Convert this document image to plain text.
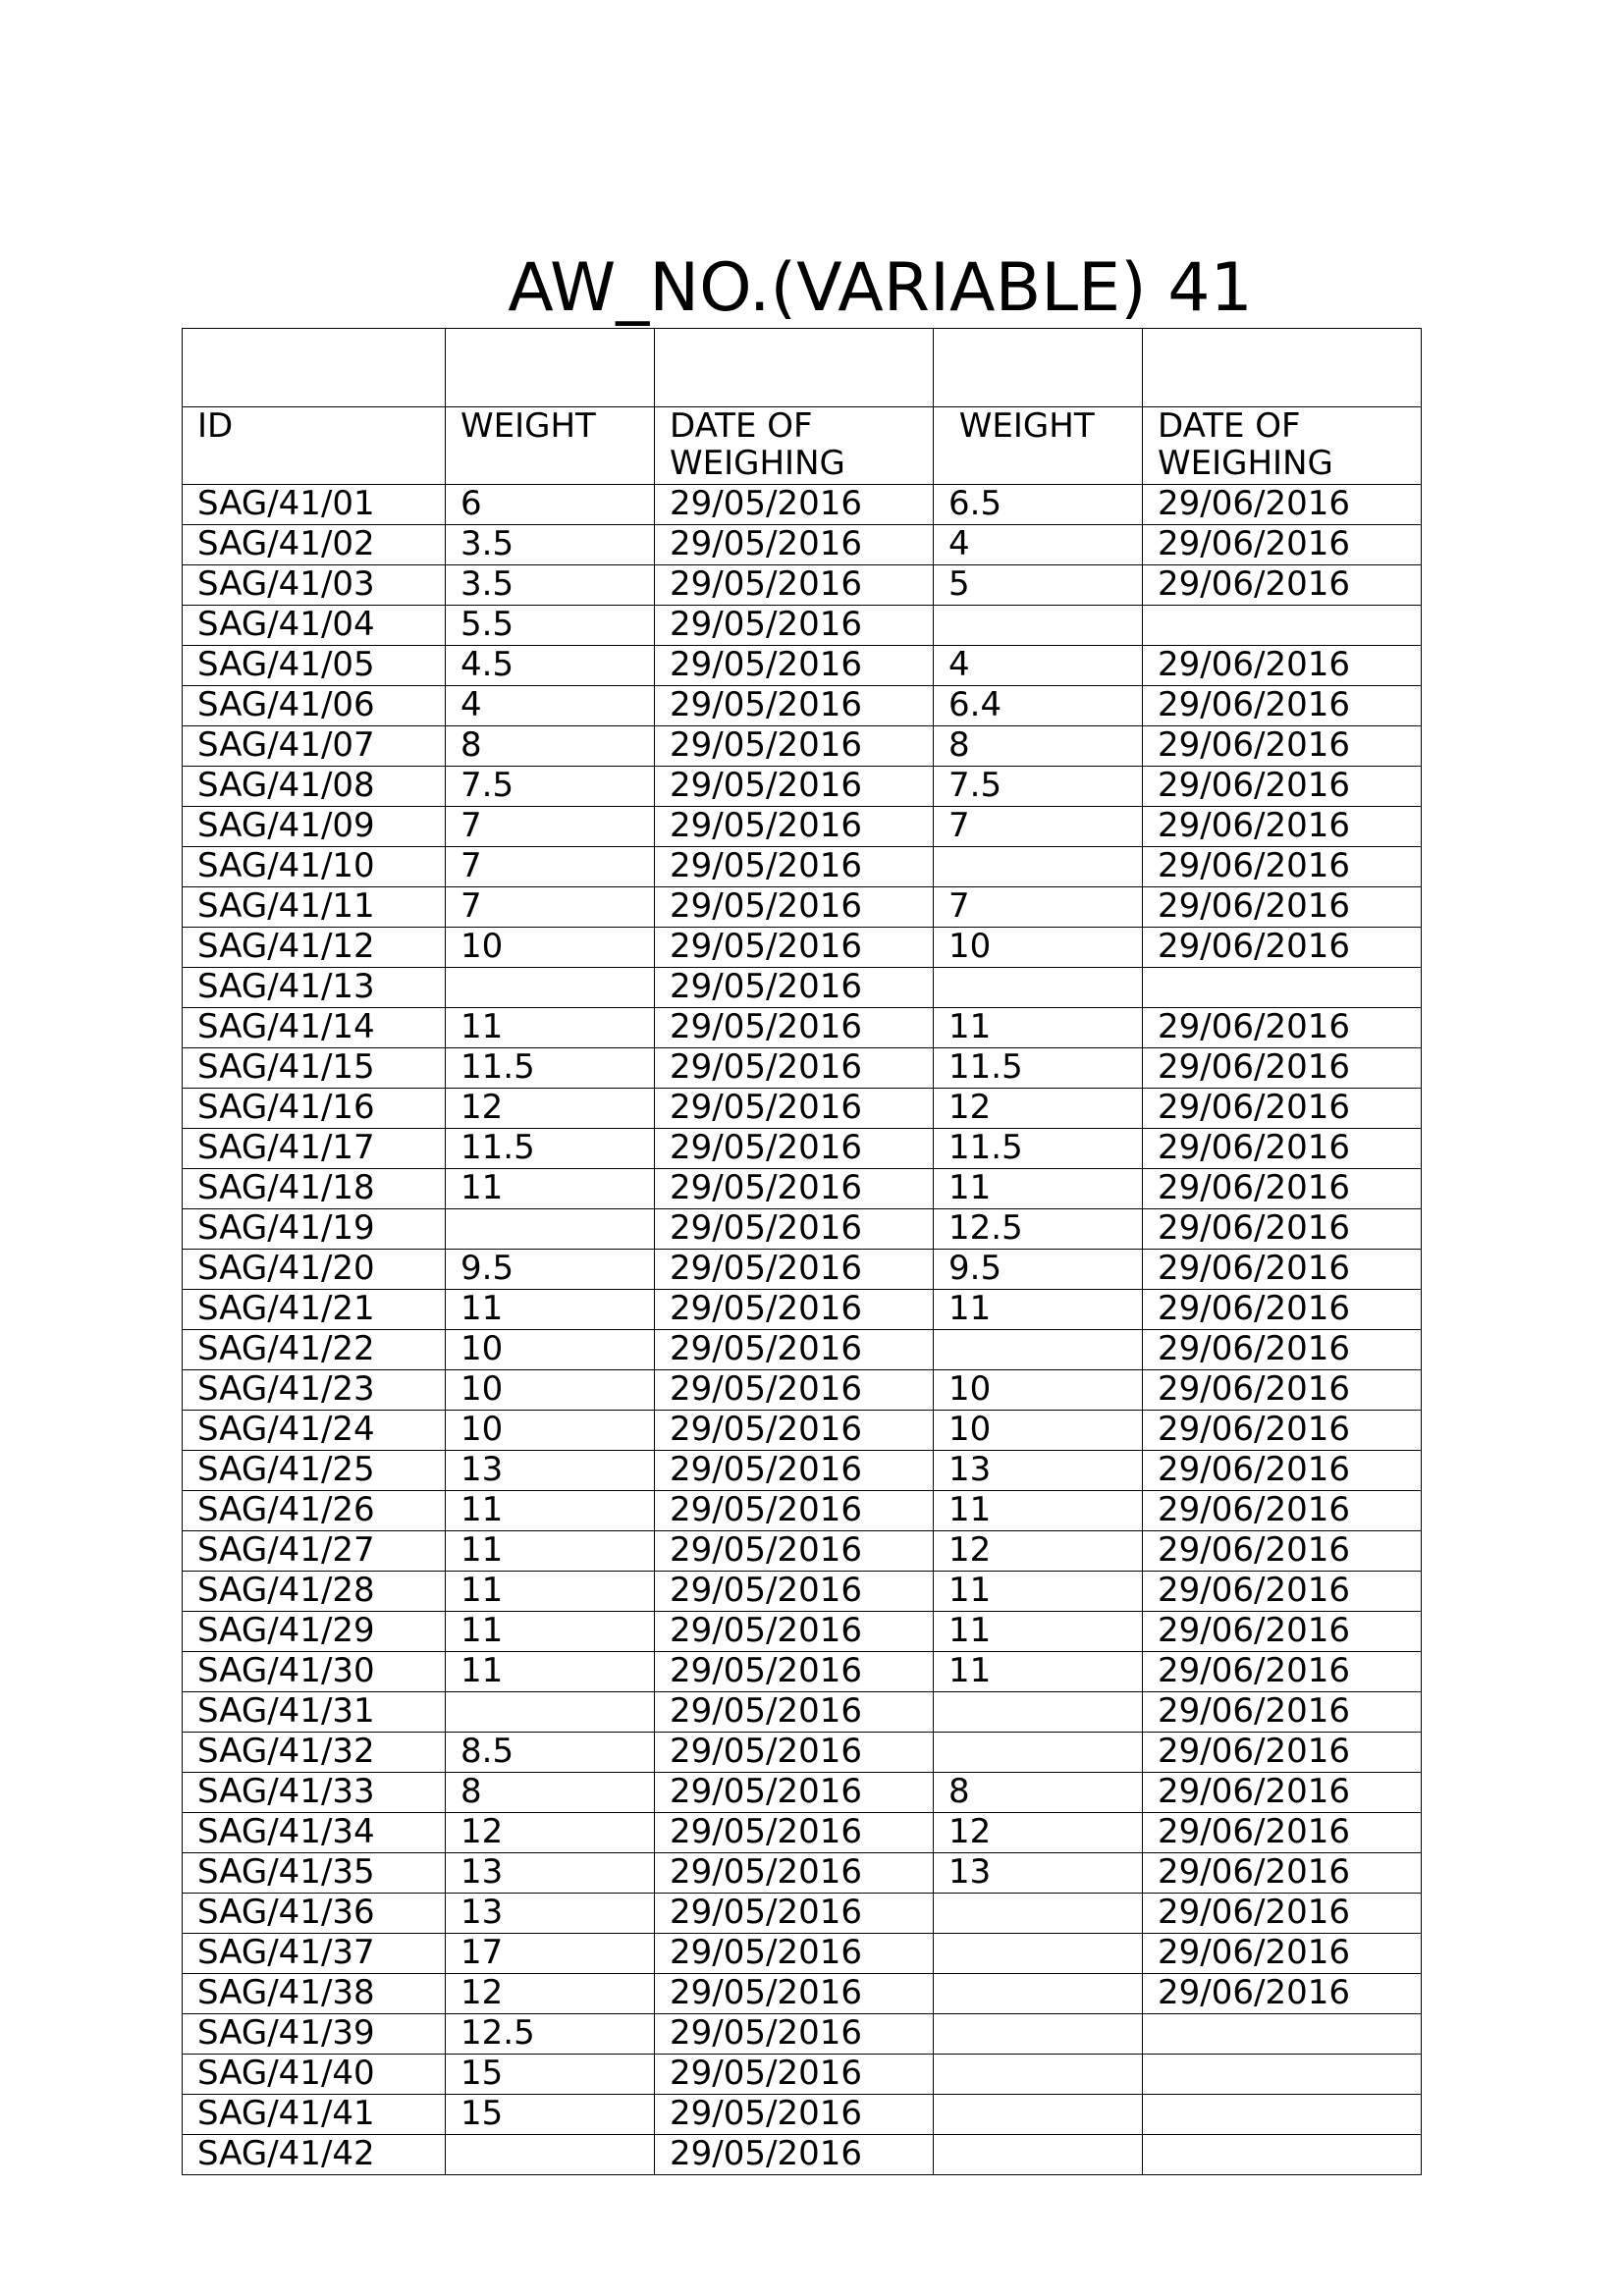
AW_NO.(VARIABLE) 41

ID	WEIGHT	DATE OF WEIGHING	WEIGHT	DATE OF WEIGHING
SAG/41/01	6	29/05/2016	6.5	29/06/2016
SAG/41/02	3.5	29/05/2016	4	29/06/2016
SAG/41/03	3.5	29/05/2016	5	29/06/2016
SAG/41/04	5.5	29/05/2016		
SAG/41/05	4.5	29/05/2016	4	29/06/2016
SAG/41/06	4	29/05/2016	6.4	29/06/2016
SAG/41/07	8	29/05/2016	8	29/06/2016
SAG/41/08	7.5	29/05/2016	7.5	29/06/2016
SAG/41/09	7	29/05/2016	7	29/06/2016
SAG/41/10	7	29/05/2016		29/06/2016
SAG/41/11	7	29/05/2016	7	29/06/2016
SAG/41/12	10	29/05/2016	10	29/06/2016
SAG/41/13		29/05/2016		
SAG/41/14	11	29/05/2016	11	29/06/2016
SAG/41/15	11.5	29/05/2016	11.5	29/06/2016
SAG/41/16	12	29/05/2016	12	29/06/2016
SAG/41/17	11.5	29/05/2016	11.5	29/06/2016
SAG/41/18	11	29/05/2016	11	29/06/2016
SAG/41/19		29/05/2016	12.5	29/06/2016
SAG/41/20	9.5	29/05/2016	9.5	29/06/2016
SAG/41/21	11	29/05/2016	11	29/06/2016
SAG/41/22	10	29/05/2016		29/06/2016
SAG/41/23	10	29/05/2016	10	29/06/2016
SAG/41/24	10	29/05/2016	10	29/06/2016
SAG/41/25	13	29/05/2016	13	29/06/2016
SAG/41/26	11	29/05/2016	11	29/06/2016
SAG/41/27	11	29/05/2016	12	29/06/2016
SAG/41/28	11	29/05/2016	11	29/06/2016
SAG/41/29	11	29/05/2016	11	29/06/2016
SAG/41/30	11	29/05/2016	11	29/06/2016
SAG/41/31		29/05/2016		29/06/2016
SAG/41/32	8.5	29/05/2016		29/06/2016
SAG/41/33	8	29/05/2016	8	29/06/2016
SAG/41/34	12	29/05/2016	12	29/06/2016
SAG/41/35	13	29/05/2016	13	29/06/2016
SAG/41/36	13	29/05/2016		29/06/2016
SAG/41/37	17	29/05/2016		29/06/2016
SAG/41/38	12	29/05/2016		29/06/2016
SAG/41/39	12.5	29/05/2016		
SAG/41/40	15	29/05/2016		
SAG/41/41	15	29/05/2016		
SAG/41/42		29/05/2016		
